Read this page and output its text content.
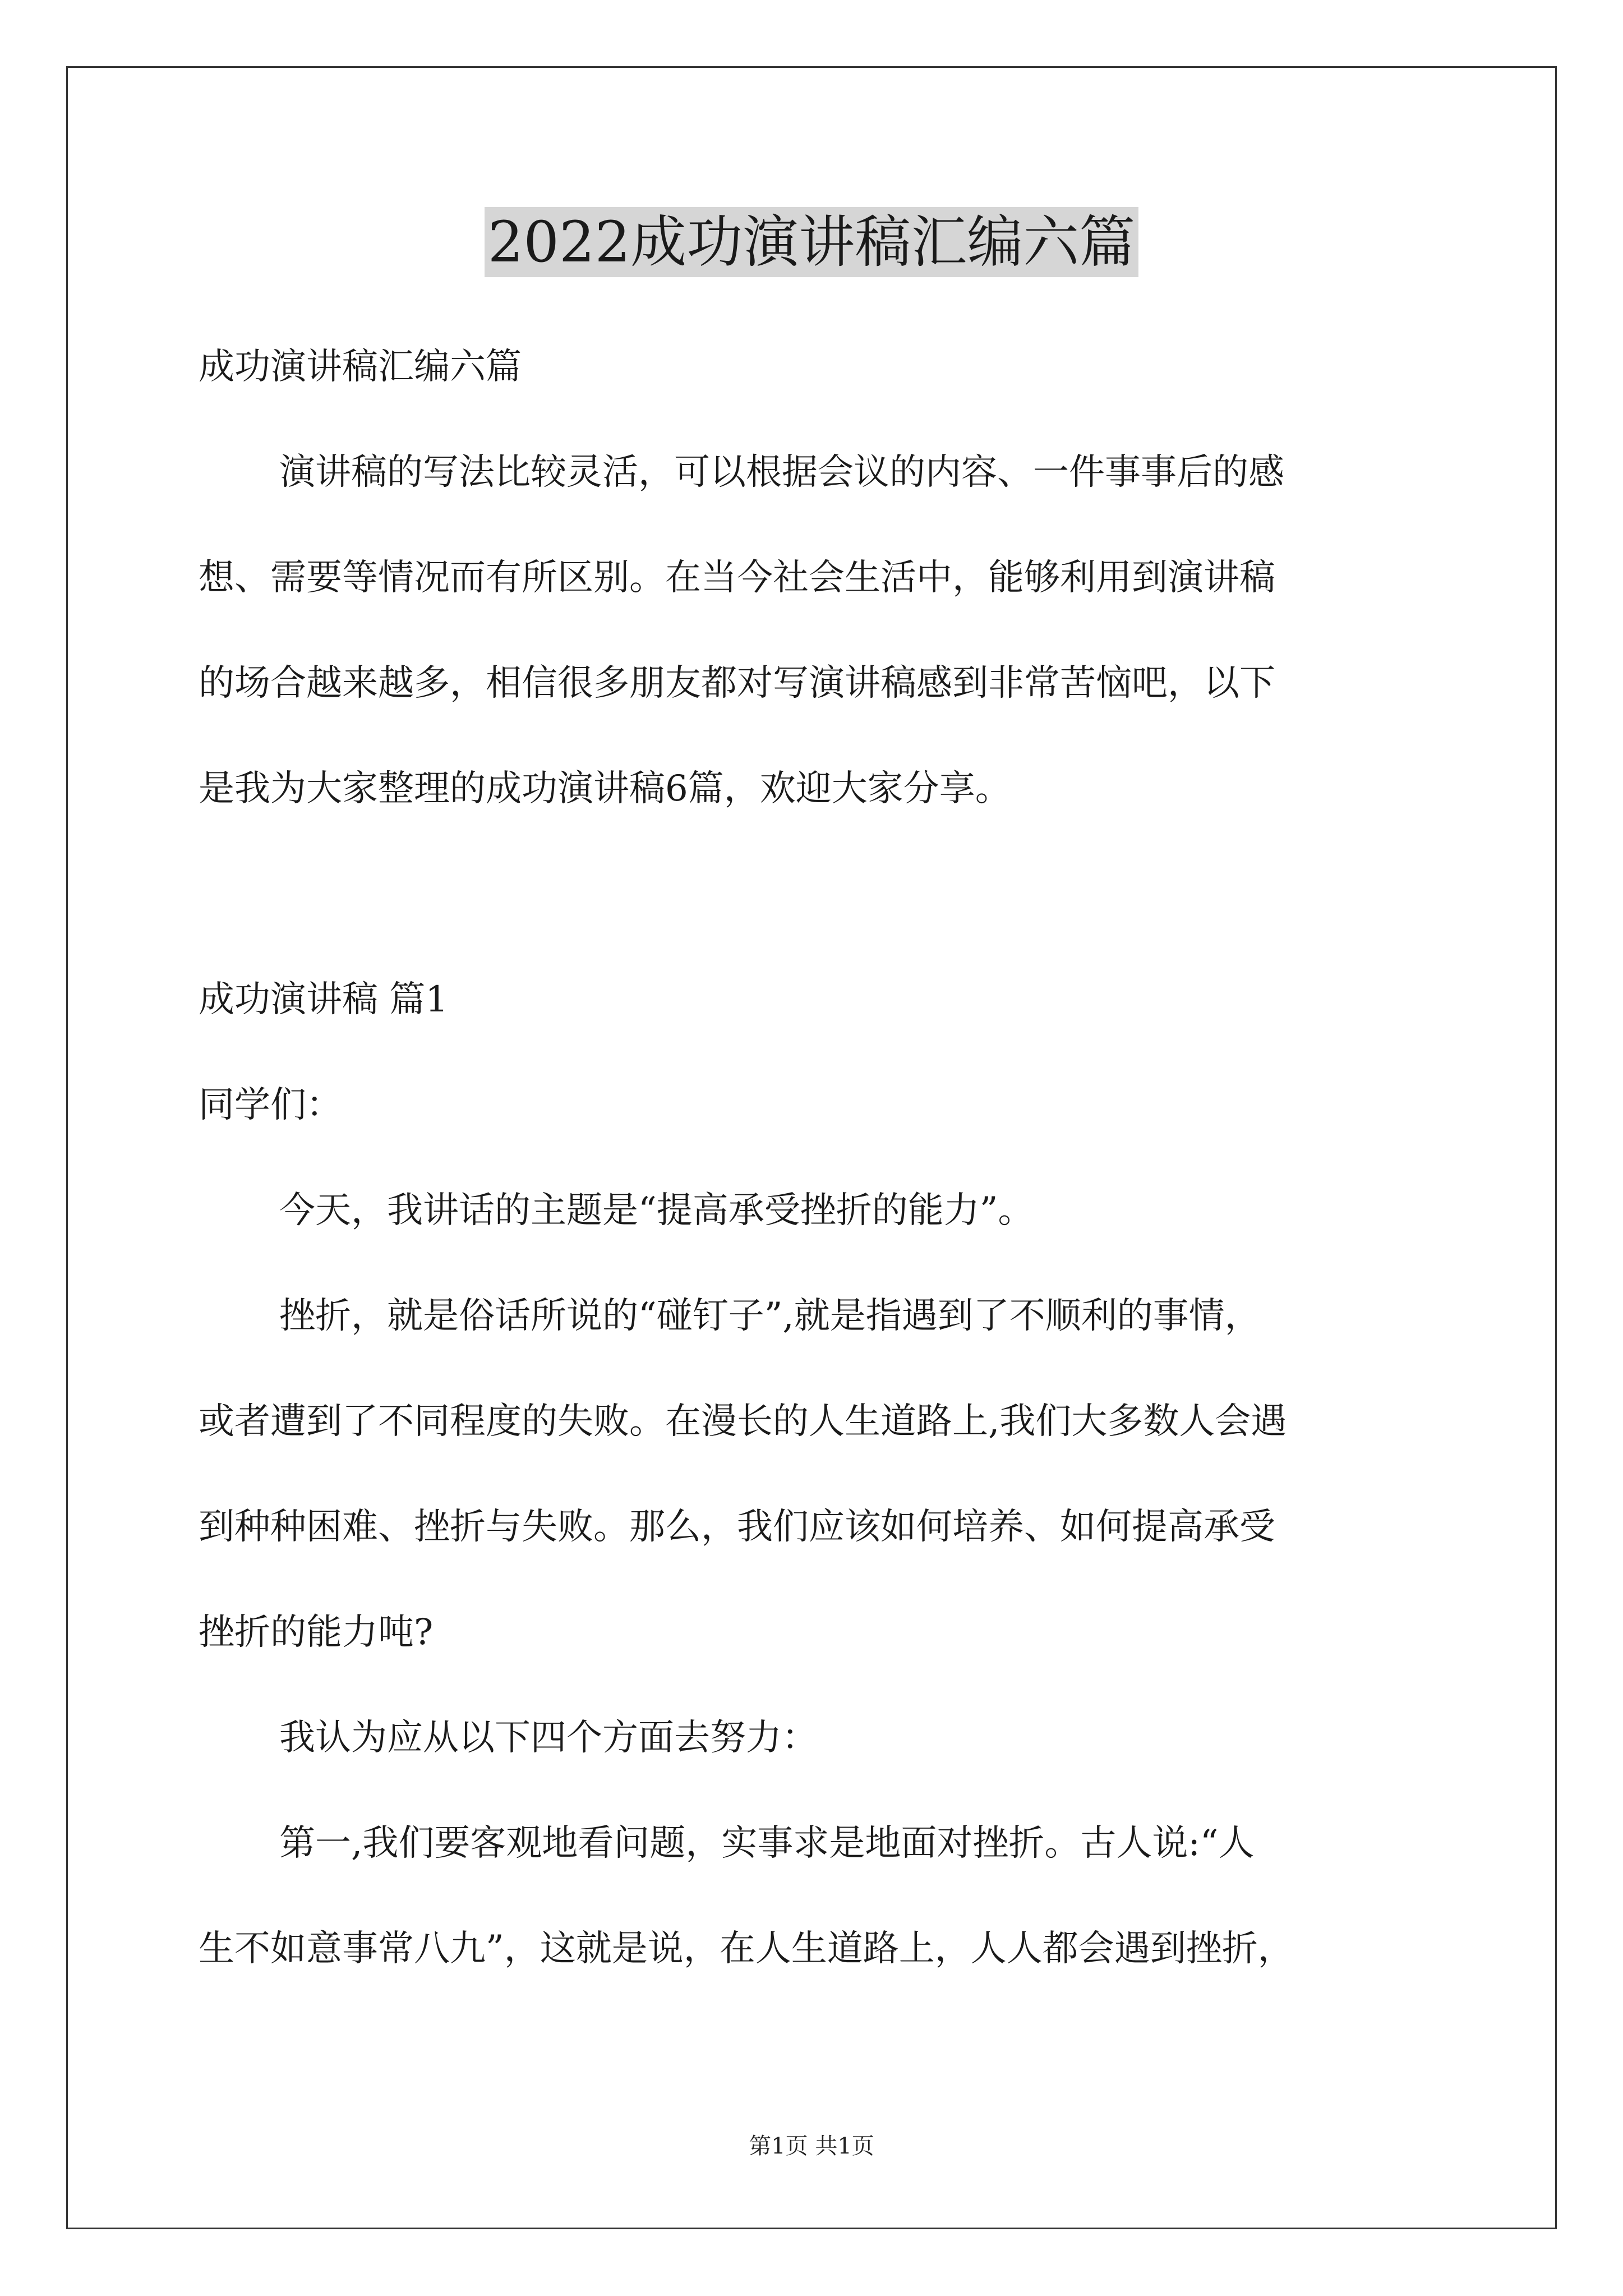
2022成功演讲稿汇编六篇
成功演讲稿汇编六篇
演讲稿的写法比较灵活，可以根据会议的内容、一件事事后的感
想、需要等情况而有所区别。在当今社会生活中，能够利用到演讲稿
的场合越来越多，相信很多朋友都对写演讲稿感到非常苦恼吧，以下
是我为大家整理的成功演讲稿6篇，欢迎大家分享。
成功演讲稿 篇1
同学们：
今天，我讲话的主题是“提高承受挫折的能力”。
挫折，就是俗话所说的“碰钉子”,就是指遇到了不顺利的事情，
或者遭到了不同程度的失败。在漫长的人生道路上,我们大多数人会遇
到种种困难、挫折与失败。那么，我们应该如何培养、如何提高承受
挫折的能力吨?
我认为应从以下四个方面去努力：
第一,我们要客观地看问题，实事求是地面对挫折。古人说:“人
生不如意事常八九”，这就是说，在人生道路上，人人都会遇到挫折，
第1页 共1页
